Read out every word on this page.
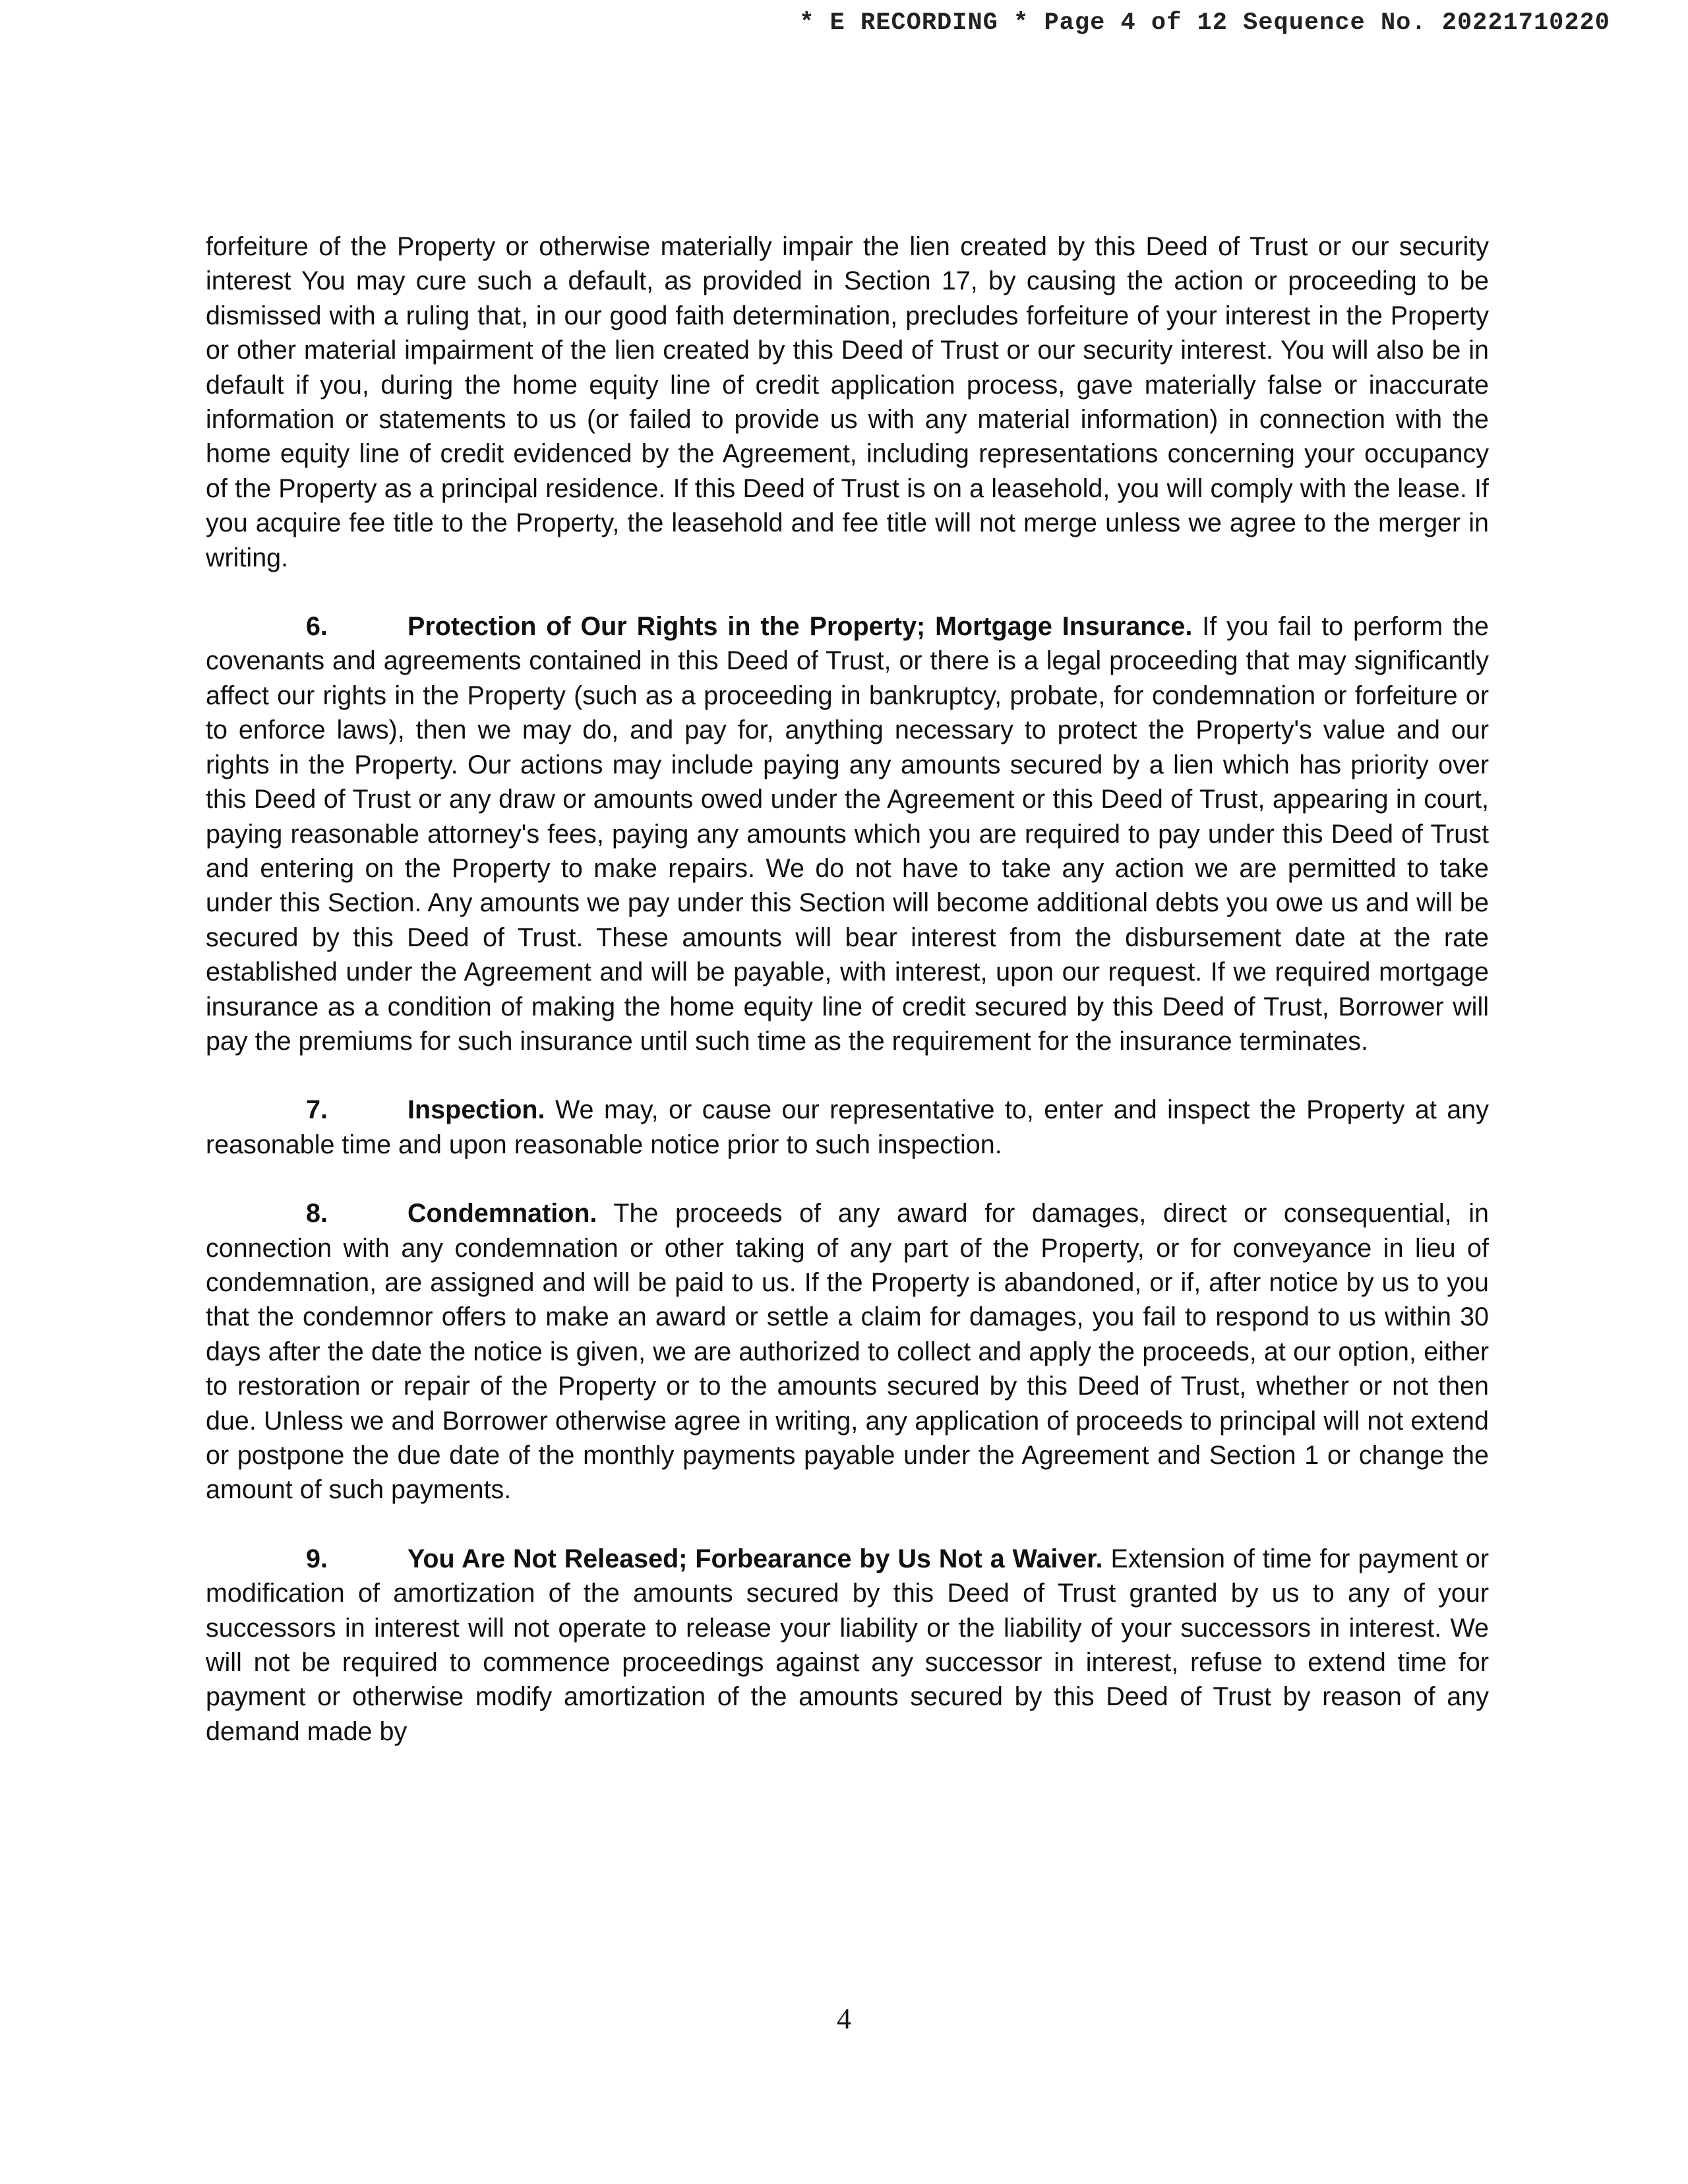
* E RECORDING * Page 4 of 12 Sequence No. 20221710220

forfeiture of the Property or otherwise materially impair the lien created by this Deed of Trust or our security interest You may cure such a default, as provided in Section 17, by causing the action or proceeding to be dismissed with a ruling that, in our good faith determination, precludes forfeiture of your interest in the Property or other material impairment of the lien created by this Deed of Trust or our security interest. You will also be in default if you, during the home equity line of credit application process, gave materially false or inaccurate information or statements to us (or failed to provide us with any material information) in connection with the home equity line of credit evidenced by the Agreement, including representations concerning your occupancy of the Property as a principal residence. If this Deed of Trust is on a leasehold, you will comply with the lease. If you acquire fee title to the Property, the leasehold and fee title will not merge unless we agree to the merger in writing.

6.	Protection of Our Rights in the Property; Mortgage Insurance. If you fail to perform the covenants and agreements contained in this Deed of Trust, or there is a legal proceeding that may significantly affect our rights in the Property (such as a proceeding in bankruptcy, probate, for condemnation or forfeiture or to enforce laws), then we may do, and pay for, anything necessary to protect the Property's value and our rights in the Property. Our actions may include paying any amounts secured by a lien which has priority over this Deed of Trust or any draw or amounts owed under the Agreement or this Deed of Trust, appearing in court, paying reasonable attorney's fees, paying any amounts which you are required to pay under this Deed of Trust and entering on the Property to make repairs. We do not have to take any action we are permitted to take under this Section. Any amounts we pay under this Section will become additional debts you owe us and will be secured by this Deed of Trust. These amounts will bear interest from the disbursement date at the rate established under the Agreement and will be payable, with interest, upon our request. If we required mortgage insurance as a condition of making the home equity line of credit secured by this Deed of Trust, Borrower will pay the premiums for such insurance until such time as the requirement for the insurance terminates.

7.	Inspection. We may, or cause our representative to, enter and inspect the Property at any reasonable time and upon reasonable notice prior to such inspection.

8.	Condemnation. The proceeds of any award for damages, direct or consequential, in connection with any condemnation or other taking of any part of the Property, or for conveyance in lieu of condemnation, are assigned and will be paid to us. If the Property is abandoned, or if, after notice by us to you that the condemnor offers to make an award or settle a claim for damages, you fail to respond to us within 30 days after the date the notice is given, we are authorized to collect and apply the proceeds, at our option, either to restoration or repair of the Property or to the amounts secured by this Deed of Trust, whether or not then due. Unless we and Borrower otherwise agree in writing, any application of proceeds to principal will not extend or postpone the due date of the monthly payments payable under the Agreement and Section 1 or change the amount of such payments.

9.	You Are Not Released; Forbearance by Us Not a Waiver. Extension of time for payment or modification of amortization of the amounts secured by this Deed of Trust granted by us to any of your successors in interest will not operate to release your liability or the liability of your successors in interest. We will not be required to commence proceedings against any successor in interest, refuse to extend time for payment or otherwise modify amortization of the amounts secured by this Deed of Trust by reason of any demand made by

4
